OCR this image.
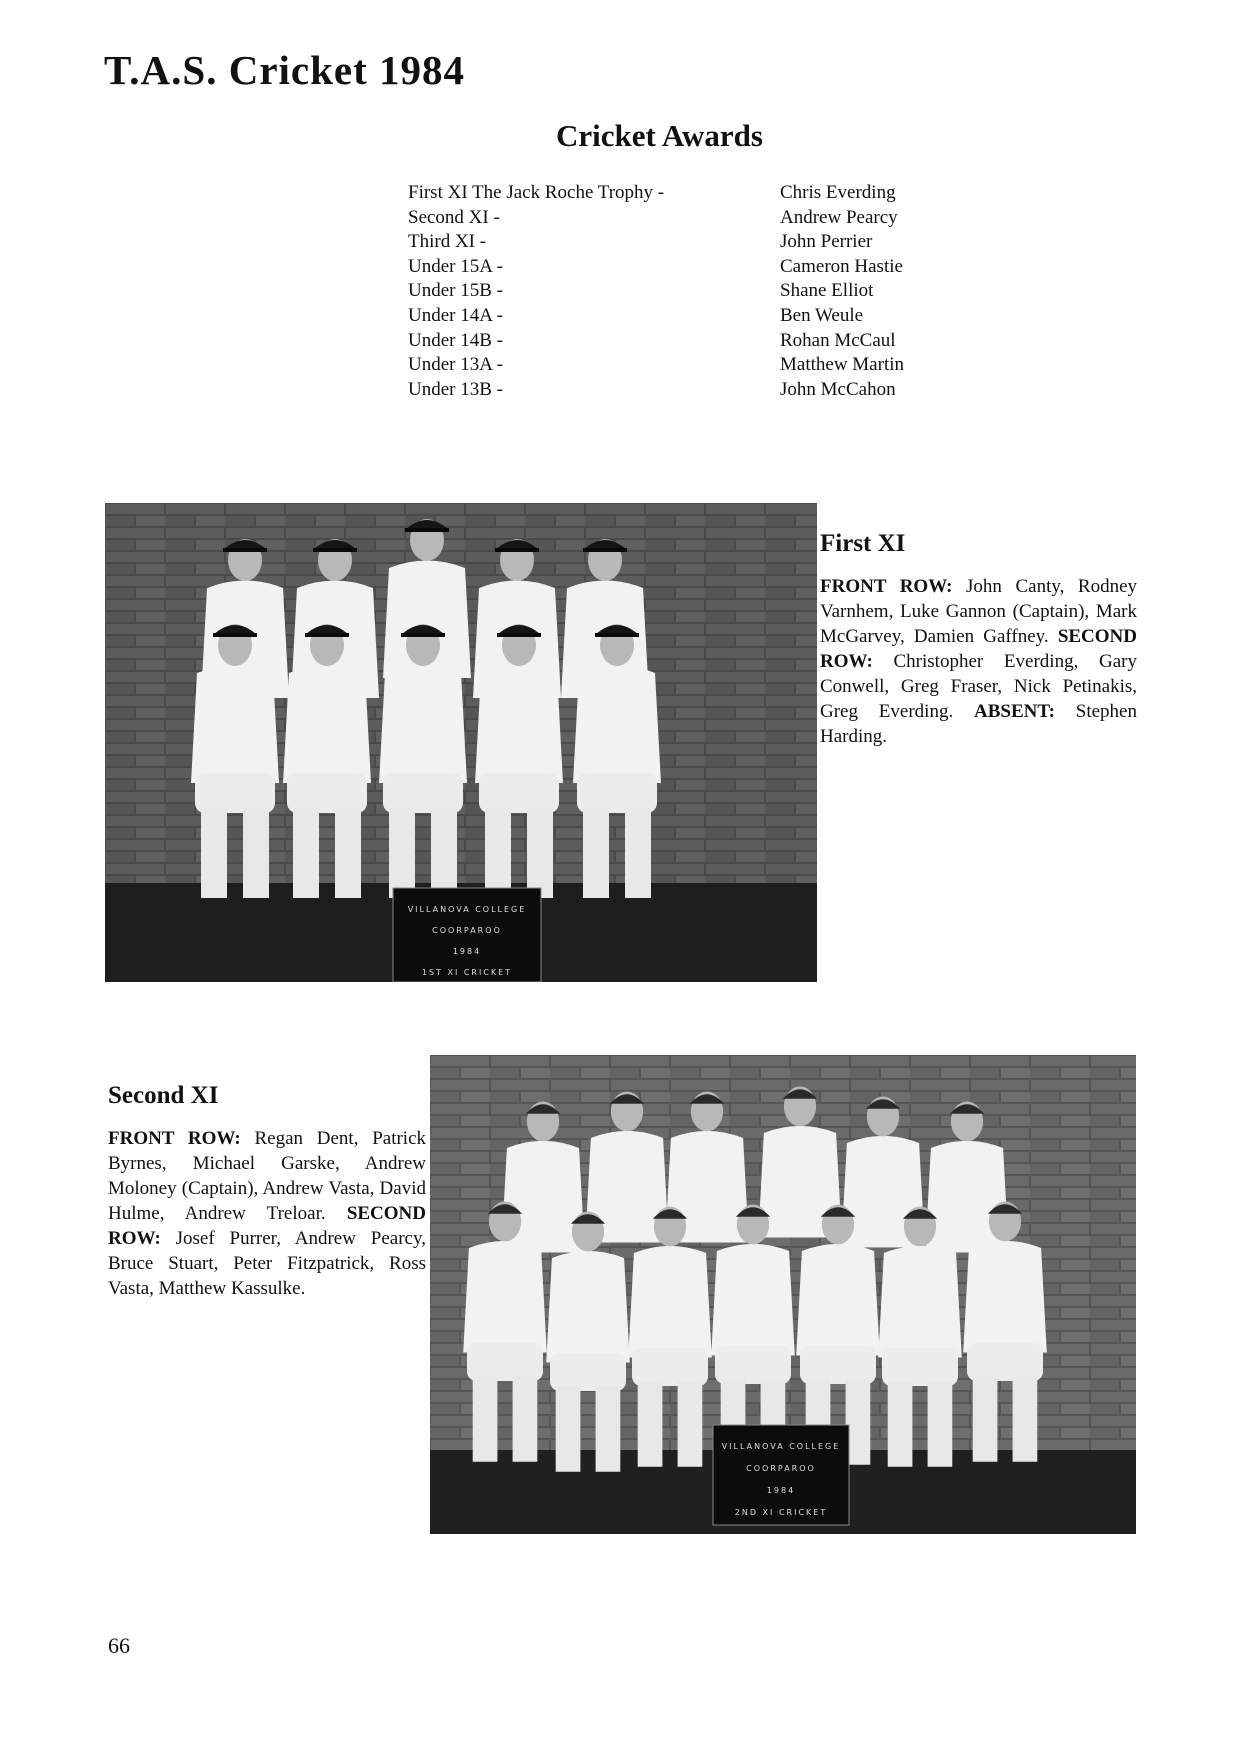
T.A.S. Cricket 1984
Cricket Awards
First XI The Jack Roche Trophy -	Chris Everding
Second XI -	Andrew Pearcy
Third XI -	John Perrier
Under 15A -	Cameron Hastie
Under 15B -	Shane Elliot
Under 14A -	Ben Weule
Under 14B -	Rohan McCaul
Under 13A -	Matthew Martin
Under 13B -	John McCahon
VILLANOVA COLLEGE
COORPAROO
1984
1ST XI CRICKET
First XI

FRONT ROW: John Canty, Rodney Varnhem, Luke Gannon (Captain), Mark McGarvey, Damien Gaffney. SECOND ROW: Christopher Everding, Gary Conwell, Greg Fraser, Nick Petinakis, Greg Everding. ABSENT: Stephen Harding.

VILLANOVA COLLEGE
COORPAROO
1984
2ND XI CRICKET
Second XI

FRONT ROW: Regan Dent, Patrick Byrnes, Michael Garske, Andrew Moloney (Captain), Andrew Vasta, David Hulme, Andrew Treloar. SECOND ROW: Josef Purrer, Andrew Pearcy, Bruce Stuart, Peter Fitzpatrick, Ross Vasta, Matthew Kassulke.

66
